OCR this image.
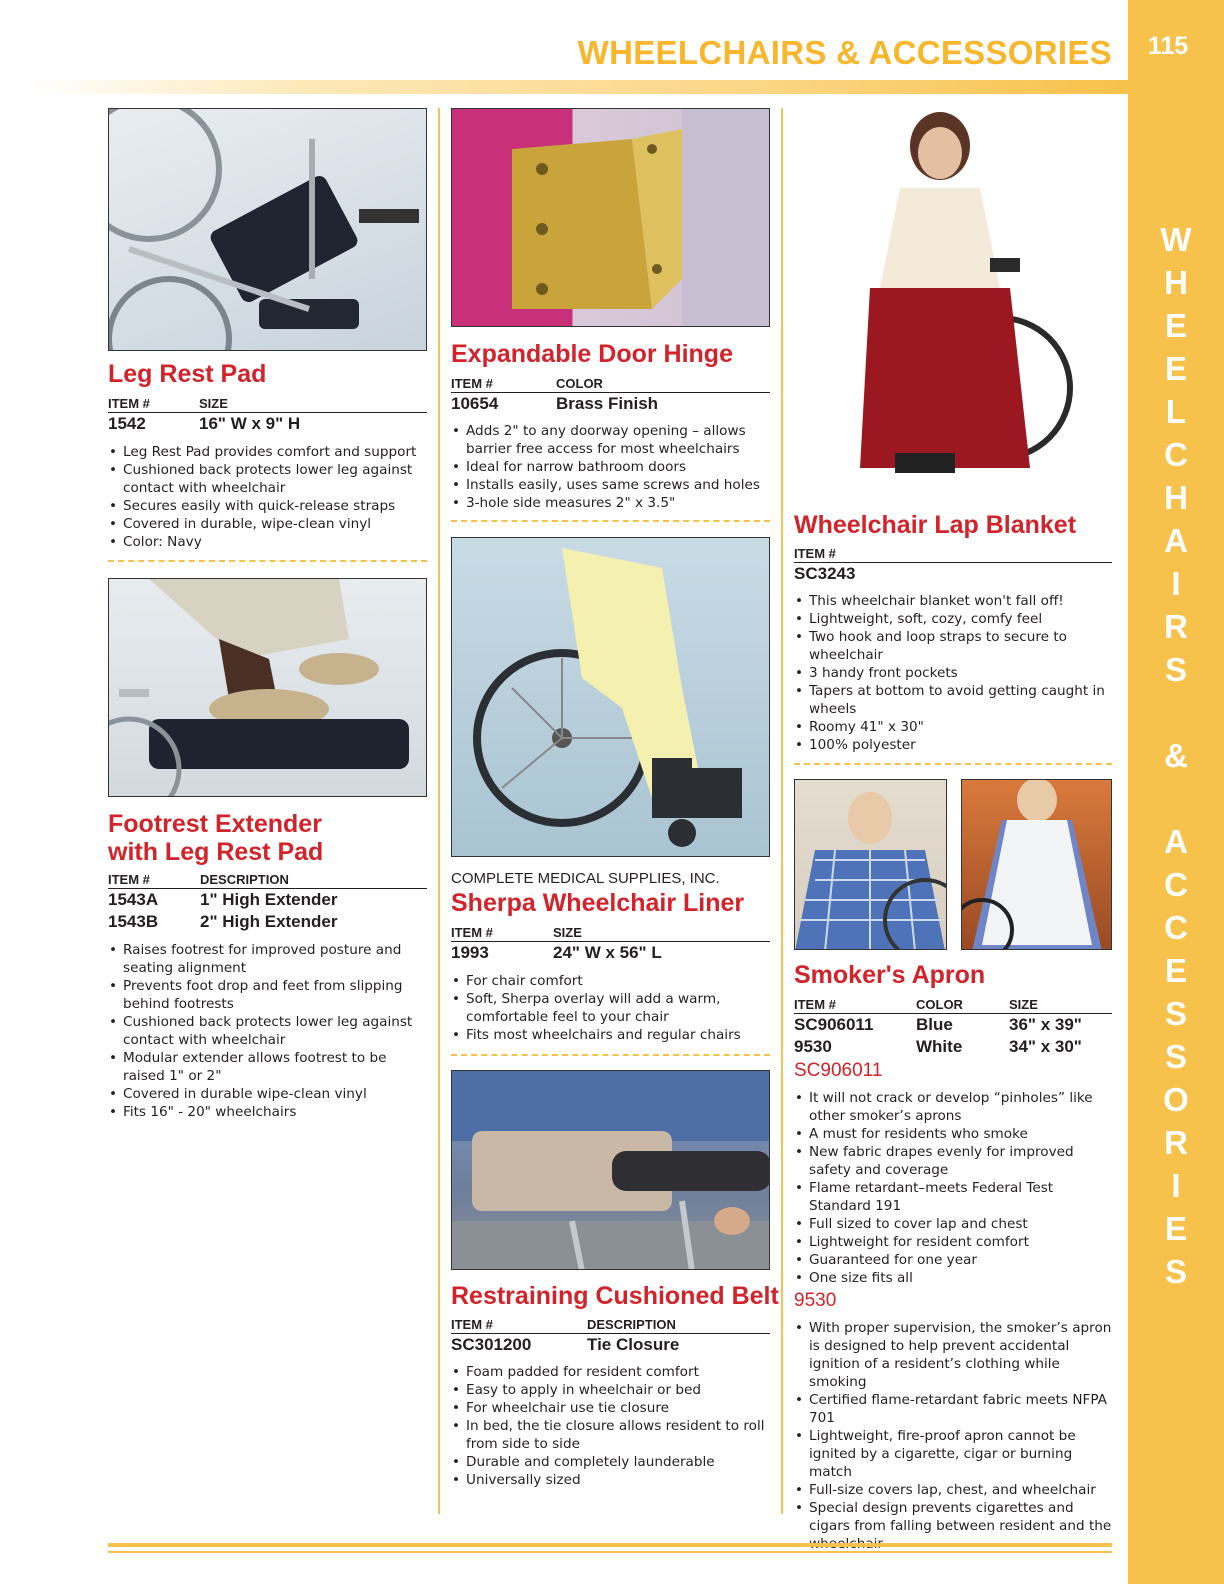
115
W
H
E
E
L
C
H
A
I
R
S

&

A
C
C
E
S
S
O
R
I
E
S
WHEELCHAIRS & ACCESSORIES
Leg Rest Pad
ITEM #	SIZE
1542	16" W x 9" H
• Leg Rest Pad provides comfort and support
• Cushioned back protects lower leg against contact with wheelchair
• Secures easily with quick-release straps
• Covered in durable, wipe-clean vinyl
• Color: Navy
Footrest Extender
with Leg Rest Pad
ITEM #	DESCRIPTION
1543A 1" High Extender
1543B 2" High Extender
• Raises footrest for improved posture and seating alignment
• Prevents foot drop and feet from slipping behind footrests
• Cushioned back protects lower leg against contact with wheelchair
• Modular extender allows footrest to be raised 1" or 2"
• Covered in durable wipe-clean vinyl
• Fits 16" - 20" wheelchairs
Expandable Door Hinge
ITEM #	COLOR
10654	Brass Finish
• Adds 2" to any doorway opening – allows barrier free access for most wheelchairs
• Ideal for narrow bathroom doors
• Installs easily, uses same screws and holes
• 3-hole side measures 2" x 3.5"
COMPLETE MEDICAL SUPPLIES, INC.
Sherpa Wheelchair Liner
ITEM #	SIZE
1993	24" W x 56" L
• For chair comfort
• Soft, Sherpa overlay will add a warm, comfortable feel to your chair
• Fits most wheelchairs and regular chairs
Restraining Cushioned Belt
ITEM #	DESCRIPTION
SC301200	Tie Closure
• Foam padded for resident comfort
• Easy to apply in wheelchair or bed
• For wheelchair use tie closure
• In bed, the tie closure allows resident to roll from side to side
• Durable and completely launderable
• Universally sized
Wheelchair Lap Blanket
ITEM #
SC3243
• This wheelchair blanket won't fall off!
• Lightweight, soft, cozy, comfy feel
• Two hook and loop straps to secure to wheelchair
• 3 handy front pockets
• Tapers at bottom to avoid getting caught in wheels
• Roomy 41" x 30"
• 100% polyester
Smoker's Apron
ITEM #	COLOR	SIZE
SC906011	Blue	36" x 39"
9530	White	34" x 30"
SC906011
• It will not crack or develop “pinholes” like other smoker’s aprons
• A must for residents who smoke
• New fabric drapes evenly for improved safety and coverage
• Flame retardant–meets Federal Test Standard 191
• Full sized to cover lap and chest
• Lightweight for resident comfort
• Guaranteed for one year
• One size fits all
9530
• With proper supervision, the smoker’s apron is designed to help prevent accidental ignition of a resident’s clothing while smoking
• Certified flame-retardant fabric meets NFPA 701
• Lightweight, fire-proof apron cannot be ignited by a cigarette, cigar or burning match
• Full-size covers lap, chest, and wheelchair
• Special design prevents cigarettes and cigars from falling between resident and the
